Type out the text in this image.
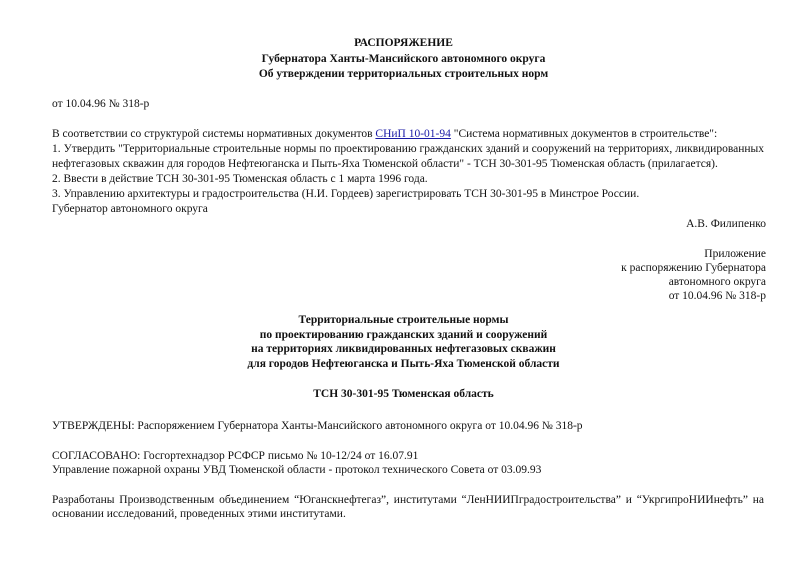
РАСПОРЯЖЕНИЕ
Губернатора Ханты-Мансийского автономного округа
Об утверждении территориальных строительных норм
от 10.04.96 № 318-р
В соответствии со структурой системы нормативных документов СНиП 10-01-94 "Система нормативных документов в строительстве":
1. Утвердить "Территориальные строительные нормы по проектированию гражданских зданий и сооружений на территориях, ликвидированных
нефтегазовых скважин для городов Нефтеюганска и Пыть-Яха Тюменской области" - ТСН 30-301-95 Тюменская область (прилагается).
2. Ввести в действие ТСН 30-301-95 Тюменская область с 1 марта 1996 года.
3. Управлению архитектуры и градостроительства (Н.И. Гордеев) зарегистрировать ТСН 30-301-95 в Минстрое России.
Губернатор автономного округа
А.В. Филипенко
Приложение
к распоряжению Губернатора
автономного округа
от 10.04.96 № 318-р
Территориальные строительные нормы
по проектированию гражданских зданий и сооружений
на территориях ликвидированных нефтегазовых скважин
для городов Нефтеюганска и Пыть-Яха Тюменской области
ТСН 30-301-95 Тюменская область
УТВЕРЖДЕНЫ: Распоряжением Губернатора Ханты-Мансийского автономного округа от 10.04.96 № 318-р
СОГЛАСОВАНО: Госгортехнадзор РСФСР письмо № 10-12/24 от 16.07.91
Управление пожарной охраны УВД Тюменской области - протокол технического Совета от 03.09.93
Разработаны Производственным объединением “Юганскнефтегаз”, институтами “ЛенНИИПградостроительства” и “УкргипроНИИнефть” на
основании исследований, проведенных этими институтами.
